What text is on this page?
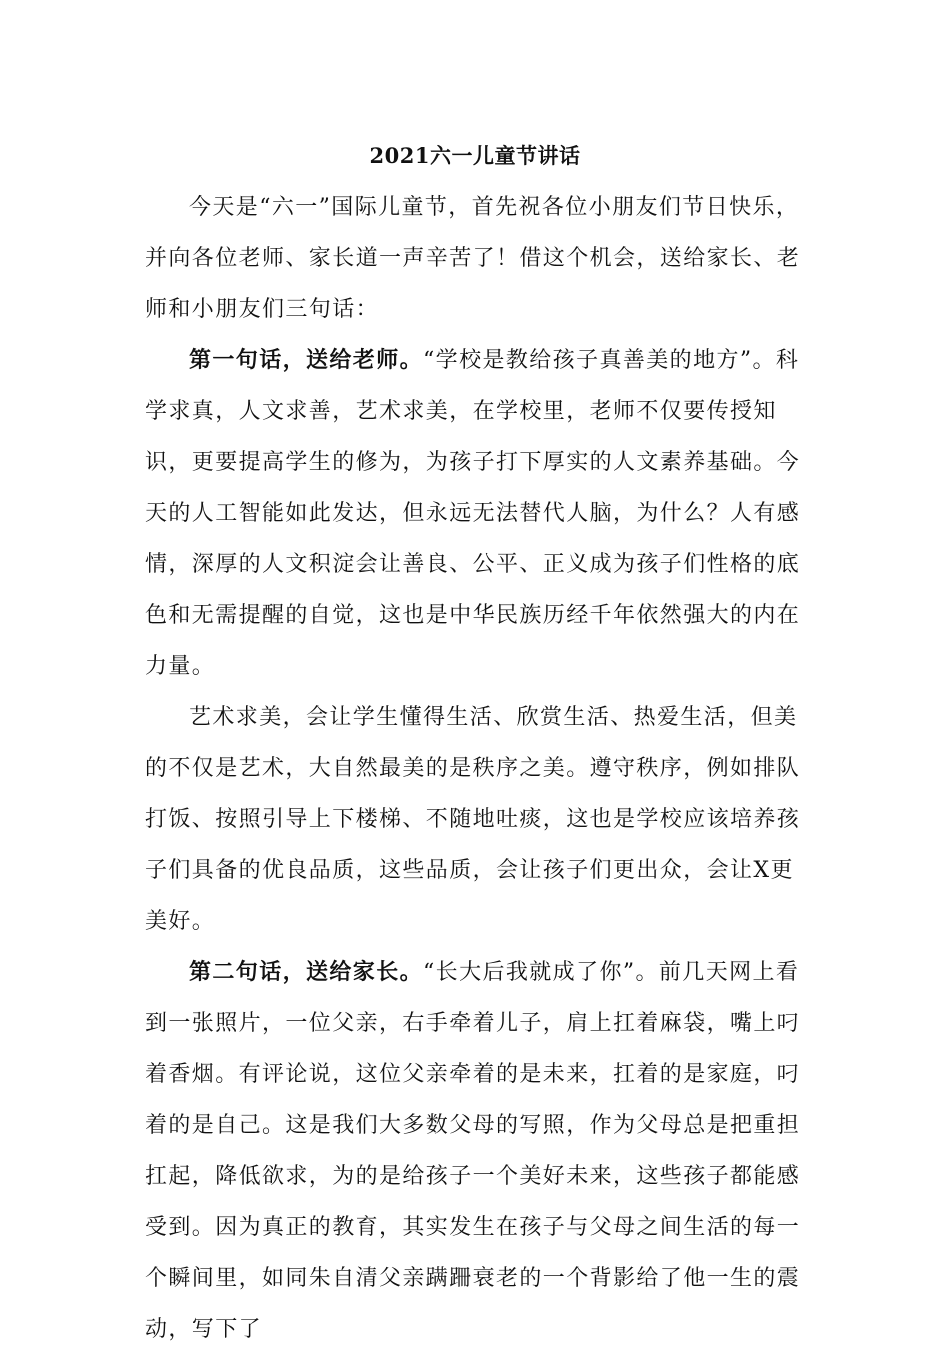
2021六一儿童节讲话

今天是“六一”国际儿童节，首先祝各位小朋友们节日快乐，并向各位老师、家长道一声辛苦了！借这个机会，送给家长、老师和小朋友们三句话：

第一句话，送给老师。“学校是教给孩子真善美的地方”。科学求真，人文求善，艺术求美，在学校里，老师不仅要传授知识，更要提高学生的修为，为孩子打下厚实的人文素养基础。今天的人工智能如此发达，但永远无法替代人脑，为什么？人有感情，深厚的人文积淀会让善良、公平、正义成为孩子们性格的底色和无需提醒的自觉，这也是中华民族历经千年依然强大的内在力量。

艺术求美，会让学生懂得生活、欣赏生活、热爱生活，但美的不仅是艺术，大自然最美的是秩序之美。遵守秩序，例如排队打饭、按照引导上下楼梯、不随地吐痰，这也是学校应该培养孩子们具备的优良品质，这些品质，会让孩子们更出众，会让X更美好。

第二句话，送给家长。“长大后我就成了你”。前几天网上看到一张照片，一位父亲，右手牵着儿子，肩上扛着麻袋，嘴上叼着香烟。有评论说，这位父亲牵着的是未来，扛着的是家庭，叼着的是自己。这是我们大多数父母的写照，作为父母总是把重担扛起，降低欲求，为的是给孩子一个美好未来，这些孩子都能感受到。因为真正的教育，其实发生在孩子与父母之间生活的每一个瞬间里，如同朱自清父亲蹒跚衰老的一个背影给了他一生的震动，写下了
